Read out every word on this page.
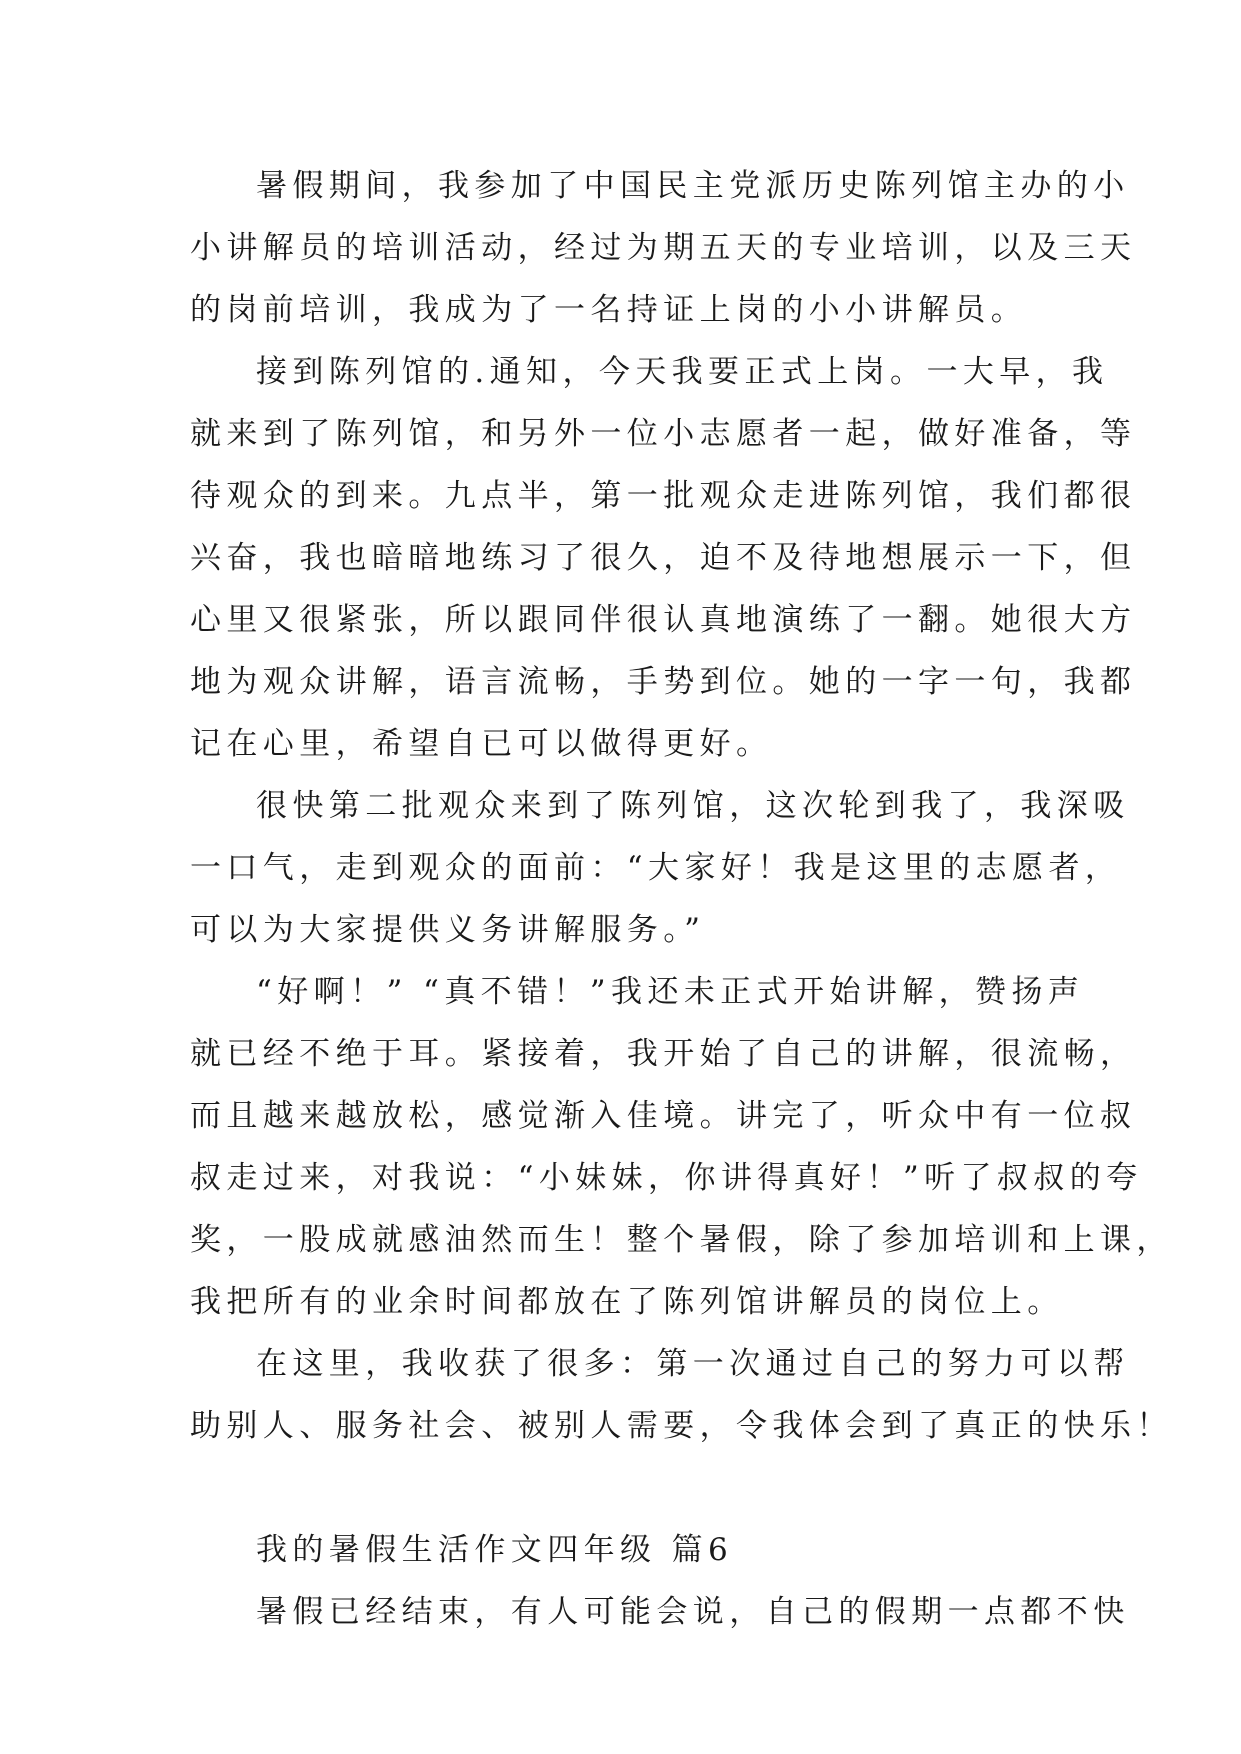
暑假期间，我参加了中国民主党派历史陈列馆主办的小
小讲解员的培训活动，经过为期五天的专业培训，以及三天
的岗前培训，我成为了一名持证上岗的小小讲解员。
接到陈列馆的.通知，今天我要正式上岗。一大早，我
就来到了陈列馆，和另外一位小志愿者一起，做好准备，等
待观众的到来。九点半，第一批观众走进陈列馆，我们都很
兴奋，我也暗暗地练习了很久，迫不及待地想展示一下，但
心里又很紧张，所以跟同伴很认真地演练了一翻。她很大方
地为观众讲解，语言流畅，手势到位。她的一字一句，我都
记在心里，希望自已可以做得更好。
很快第二批观众来到了陈列馆，这次轮到我了，我深吸
一口气，走到观众的面前：“大家好！我是这里的志愿者，
可以为大家提供义务讲解服务。”
“好啊！” “真不错！”我还未正式开始讲解，赞扬声
就已经不绝于耳。紧接着，我开始了自己的讲解，很流畅，
而且越来越放松，感觉渐入佳境。讲完了，听众中有一位叔
叔走过来，对我说：“小妹妹，你讲得真好！”听了叔叔的夸
奖，一股成就感油然而生！整个暑假，除了参加培训和上课，
我把所有的业余时间都放在了陈列馆讲解员的岗位上。
在这里，我收获了很多：第一次通过自己的努力可以帮
助别人、服务社会、被别人需要，令我体会到了真正的快乐！
我的暑假生活作文四年级 篇6
暑假已经结束，有人可能会说，自己的假期一点都不快
